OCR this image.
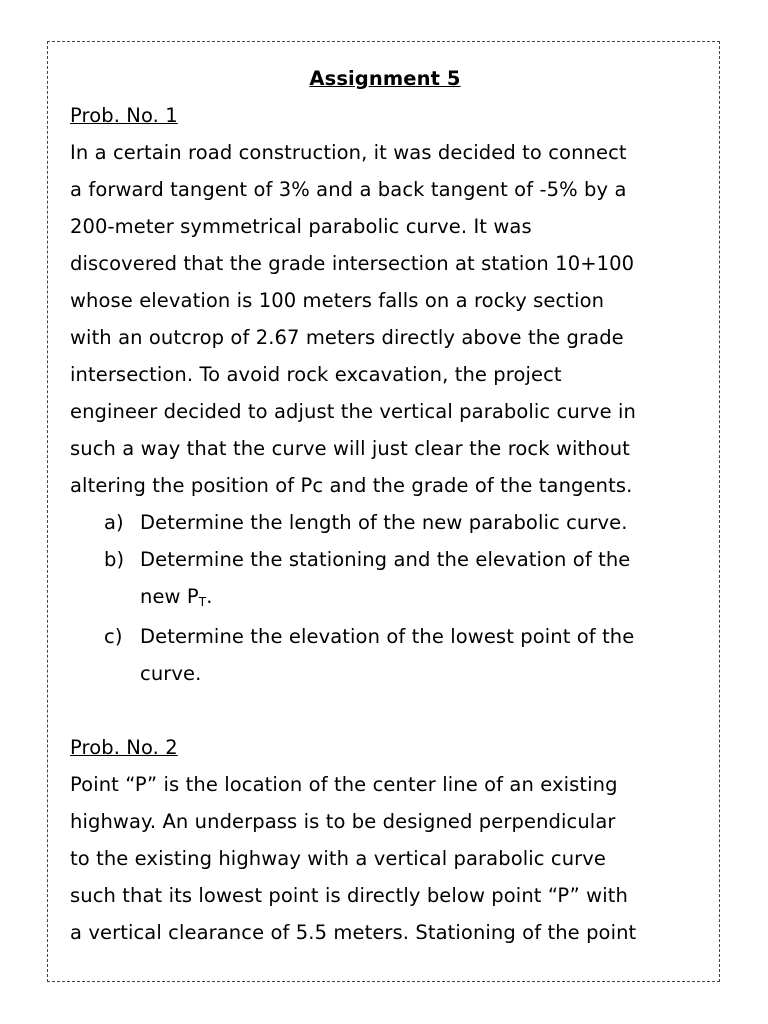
Assignment 5

Prob. No. 1

In a certain road construction, it was decided to connect

a forward tangent of 3% and a back tangent of -5% by a

200-meter symmetrical parabolic curve. It was

discovered that the grade intersection at station 10+100

whose elevation is 100 meters falls on a rocky section

with an outcrop of 2.67 meters directly above the grade

intersection. To avoid rock excavation, the project

engineer decided to adjust the vertical parabolic curve in

such a way that the curve will just clear the rock without

altering the position of Pc and the grade of the tangents.

a) Determine the length of the new parabolic curve.
b) Determine the stationing and the elevation of the
new $P_T$.
c) Determine the elevation of the lowest point of the
curve.

Prob. No. 2

Point “P” is the location of the center line of an existing

highway. An underpass is to be designed perpendicular

to the existing highway with a vertical parabolic curve

such that its lowest point is directly below point “P” with

a vertical clearance of 5.5 meters. Stationing of the point
